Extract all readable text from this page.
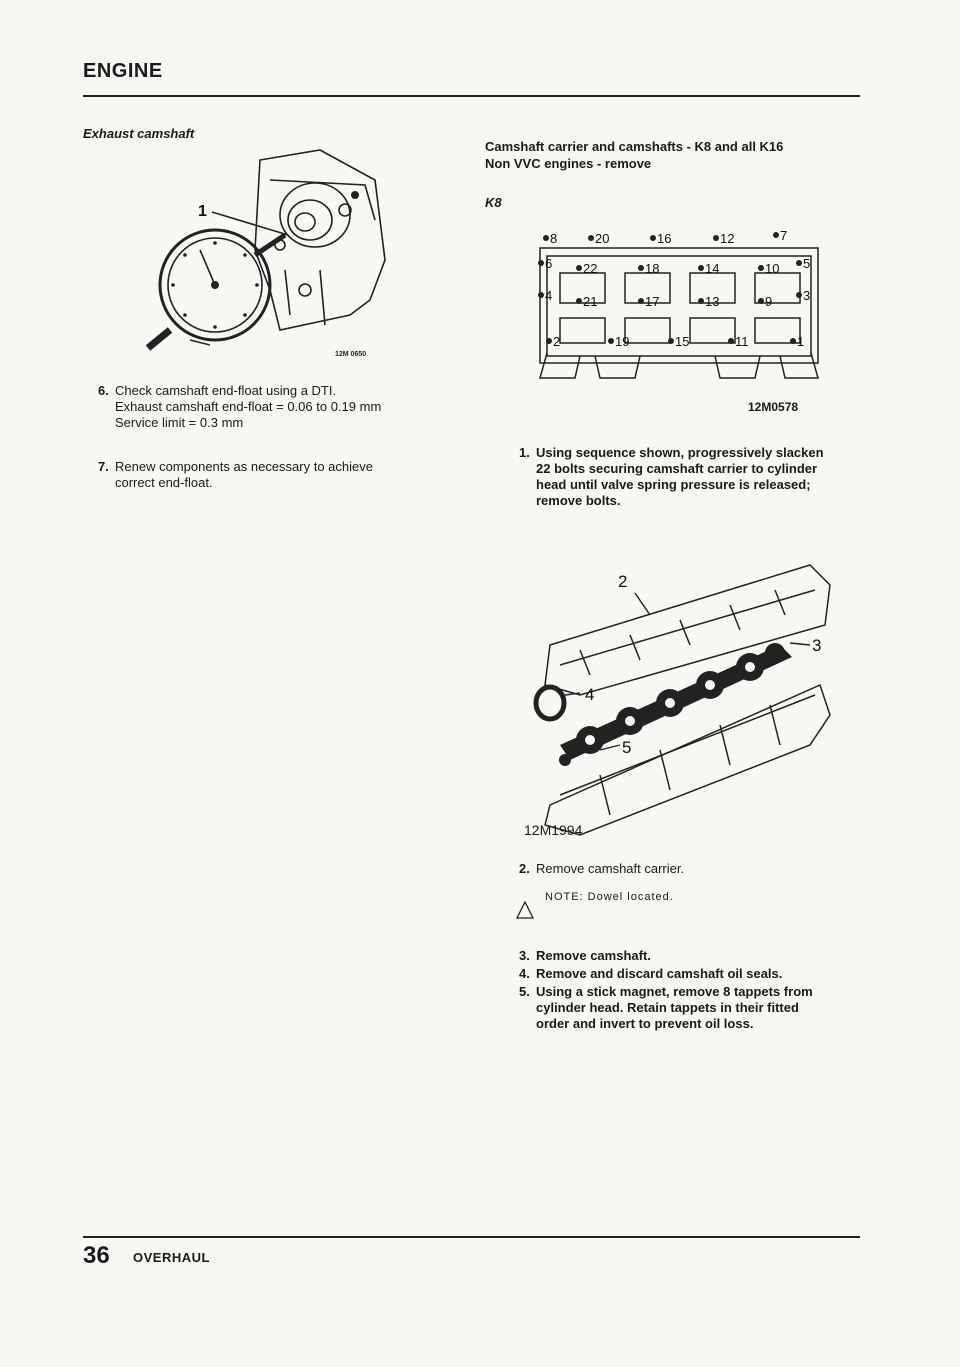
ENGINE
Exhaust camshaft
1
12M 0650
6. Check camshaft end-float using a DTI.
Exhaust camshaft end-float = 0.06 to 0.19 mm
Service limit = 0.3 mm
7. Renew components as necessary to achieve
correct end-float.
Camshaft carrier and camshafts - K8 and all K16
Non VVC engines - remove
K8
8	20	16	12	7
6 22	18	14	10 5
4 21	17	13	9 3
2	19	15	11	1
12M0578
1. Using sequence shown, progressively slacken
22 bolts securing camshaft carrier to cylinder
head until valve spring pressure is released;
remove bolts.
2
3
4
5
12M1994
2. Remove camshaft carrier.
NOTE: Dowel located.
3. Remove camshaft.
4. Remove and discard camshaft oil seals.
5. Using a stick magnet, remove 8 tappets from
cylinder head. Retain tappets in their fitted
order and invert to prevent oil loss.
36 OVERHAUL
